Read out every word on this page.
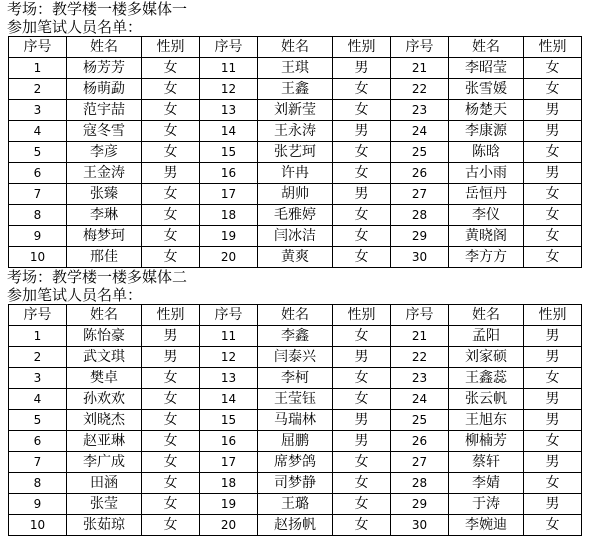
考场：教学楼一楼多媒体一
参加笔试人员名单：
序号	姓名	性别	序号	姓名	性别	序号	姓名	性别
1	杨芳芳	女	11	王琪	男	21	李昭莹	女
2	杨萌勐	女	12	王鑫	女	22	张雪媛	女
3	范宇喆	女	13	刘新莹	女	23	杨楚天	男
4	寇冬雪	女	14	王永涛	男	24	李康源	男
5	李彦	女	15	张艺珂	女	25	陈晗	女
6	王金涛	男	16	许冉	女	26	古小雨	男
7	张臻	女	17	胡帅	男	27	岳恒丹	女
8	李琳	女	18	毛雅婷	女	28	李仪	女
9	梅梦珂	女	19	闫冰洁	女	29	黄晓阁	女
10	邢佳	女	20	黄爽	女	30	李方方	女
考场：教学楼一楼多媒体二
参加笔试人员名单：
序号	姓名	性别	序号	姓名	性别	序号	姓名	性别
1	陈怡豪	男	11	李鑫	女	21	孟阳	男
2	武文琪	男	12	闫泰兴	男	22	刘家硕	男
3	樊卓	女	13	李柯	女	23	王鑫蕊	女
4	孙欢欢	女	14	王莹钰	女	24	张云帆	男
5	刘晓杰	女	15	马瑞林	男	25	王旭东	男
6	赵亚琳	女	16	屈鹏	男	26	柳楠芳	女
7	李广成	女	17	席梦鸽	女	27	蔡轩	男
8	田涵	女	18	司梦静	女	28	李婧	女
9	张莹	女	19	王璐	女	29	于涛	男
10	张茹琼	女	20	赵扬帆	女	30	李婉迪	女
